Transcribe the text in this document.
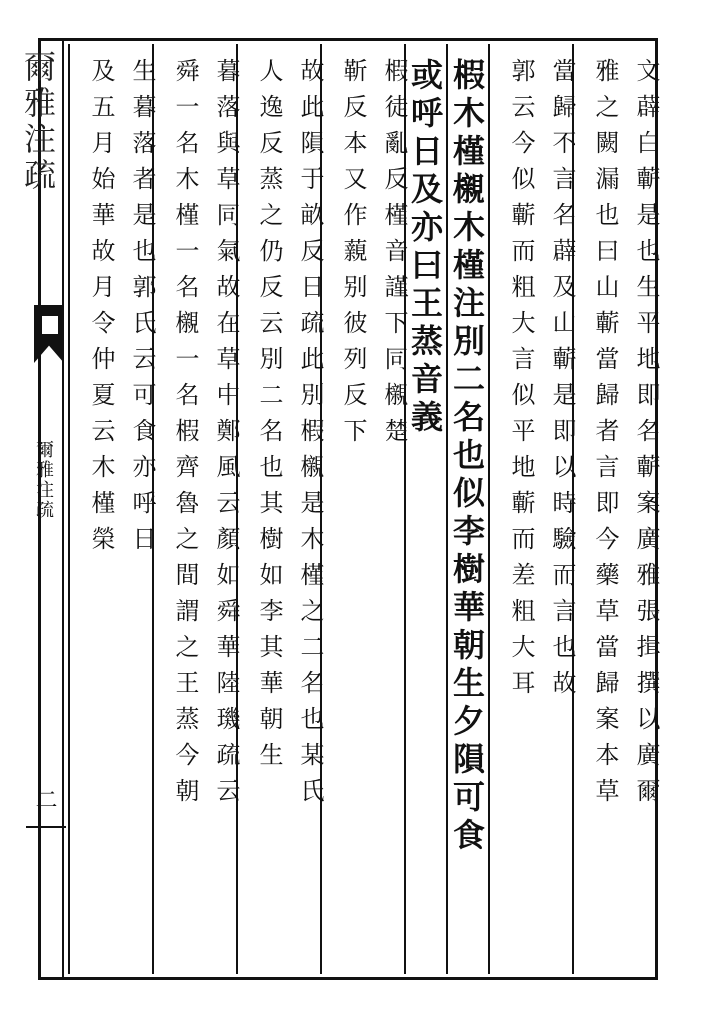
爾雅注疏
爾雅注疏
二	文薜白蘄是也生平地即名蘄案廣雅張揖撰以廣爾
雅之闕漏也曰山蘄當歸者言即今藥草當歸案本草
當歸不言名薜及山蘄是即以時驗而言也故
郭云今似蘄而粗大言似平地蘄而差粗大耳
椵木槿櫬木槿注別二名也似李樹華朝生夕隕可食
或呼日及亦曰王蒸音義
椵徒亂反槿音謹下同櫬楚
靳反本又作藽别彼列反下
故此隕于畝反日疏此別椵櫬是木槿之二名也某氏
人逸反蒸之仍反云別二名也其樹如李其華朝生
暮落與草同氣故在草中鄭風云顏如舜華陸璣疏云
舜一名木槿一名櫬一名椵齊魯之間謂之王蒸今朝
生暮落者是也郭氏云可食亦呼日
及五月始華故月令仲夏云木槿榮
